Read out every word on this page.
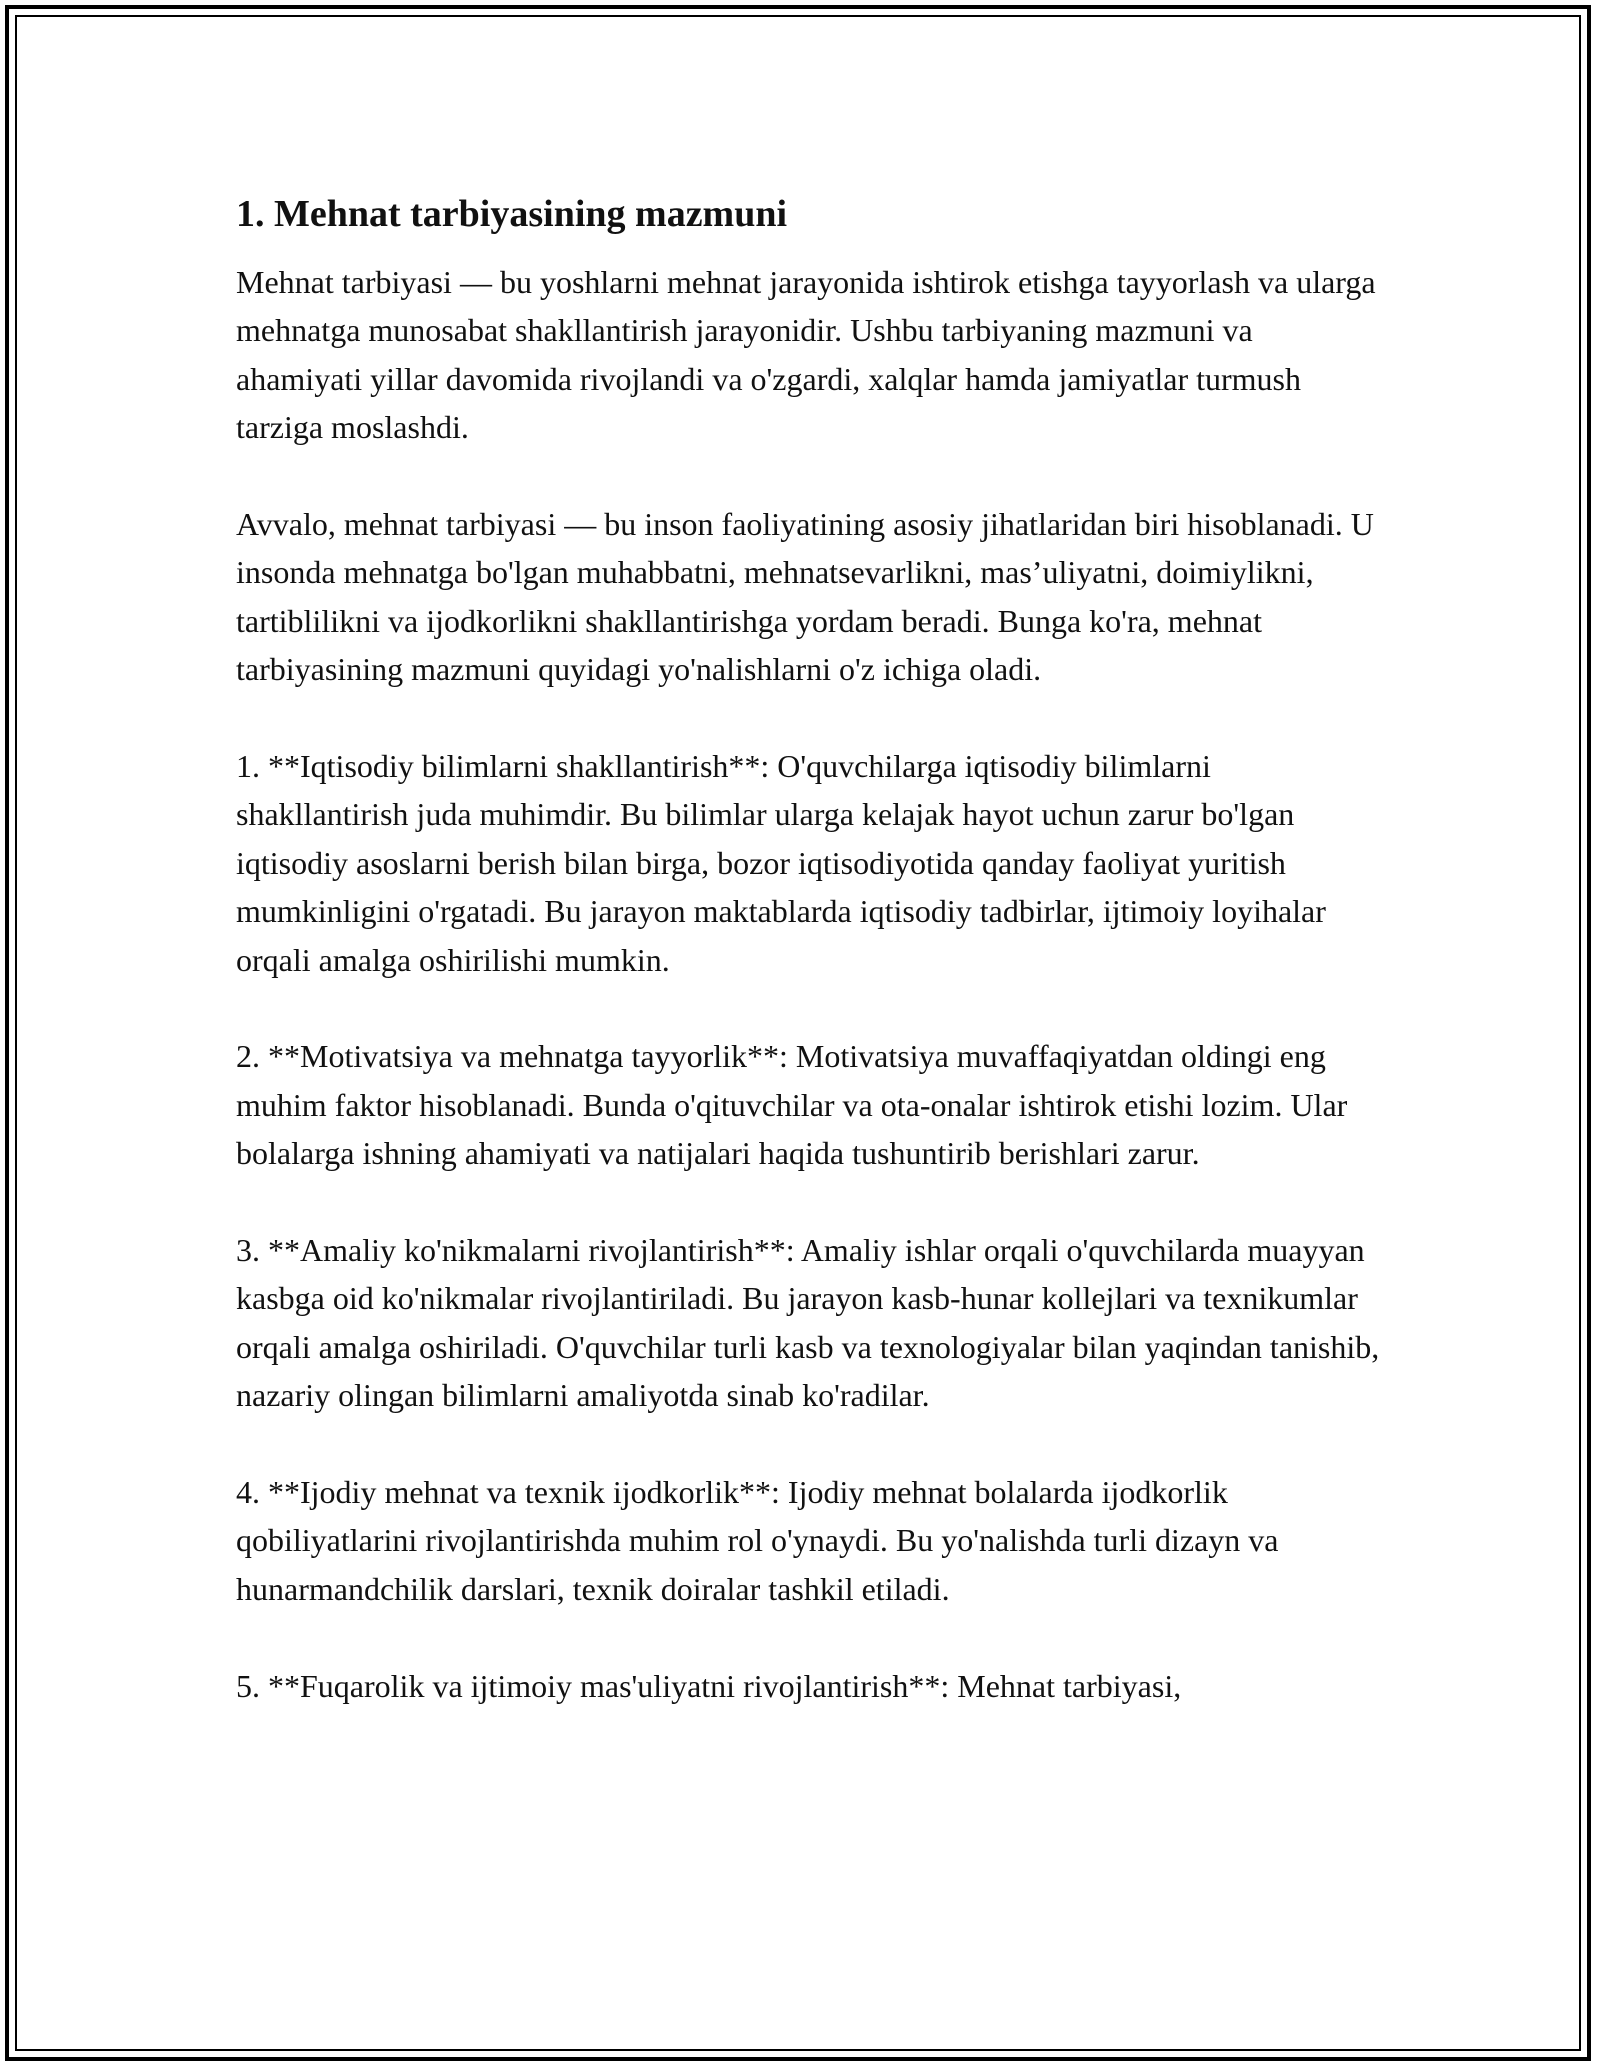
1. Mehnat tarbiyasining mazmuni

Mehnat tarbiyasi — bu yoshlarni mehnat jarayonida ishtirok etishga tayyorlash va ularga mehnatga munosabat shakllantirish jarayonidir. Ushbu tarbiyaning mazmuni va ahamiyati yillar davomida rivojlandi va o'zgardi, xalqlar hamda jamiyatlar turmush tarziga moslashdi.

Avvalo, mehnat tarbiyasi — bu inson faoliyatining asosiy jihatlaridan biri hisoblanadi. U insonda mehnatga bo'lgan muhabbatni, mehnatsevarlikni, mas’uliyatni, doimiylikni, tartiblilikni va ijodkorlikni shakllantirishga yordam beradi. Bunga ko'ra, mehnat tarbiyasining mazmuni quyidagi yo'nalishlarni o'z ichiga oladi.

1. **Iqtisodiy bilimlarni shakllantirish**: O'quvchilarga iqtisodiy bilimlarni shakllantirish juda muhimdir. Bu bilimlar ularga kelajak hayot uchun zarur bo'lgan iqtisodiy asoslarni berish bilan birga, bozor iqtisodiyotida qanday faoliyat yuritish mumkinligini o'rgatadi. Bu jarayon maktablarda iqtisodiy tadbirlar, ijtimoiy loyihalar orqali amalga oshirilishi mumkin.

2. **Motivatsiya va mehnatga tayyorlik**: Motivatsiya muvaffaqiyatdan oldingi eng muhim faktor hisoblanadi. Bunda o'qituvchilar va ota-onalar ishtirok etishi lozim. Ular bolalarga ishning ahamiyati va natijalari haqida tushuntirib berishlari zarur.

3. **Amaliy ko'nikmalarni rivojlantirish**: Amaliy ishlar orqali o'quvchilarda muayyan kasbga oid ko'nikmalar rivojlantiriladi. Bu jarayon kasb-hunar kollejlari va texnikumlar orqali amalga oshiriladi. O'quvchilar turli kasb va texnologiyalar bilan yaqindan tanishib, nazariy olingan bilimlarni amaliyotda sinab ko'radilar.

4. **Ijodiy mehnat va texnik ijodkorlik**: Ijodiy mehnat bolalarda ijodkorlik qobiliyatlarini rivojlantirishda muhim rol o'ynaydi. Bu yo'nalishda turli dizayn va hunarmandchilik darslari, texnik doiralar tashkil etiladi.

5. **Fuqarolik va ijtimoiy mas'uliyatni rivojlantirish**: Mehnat tarbiyasi,
